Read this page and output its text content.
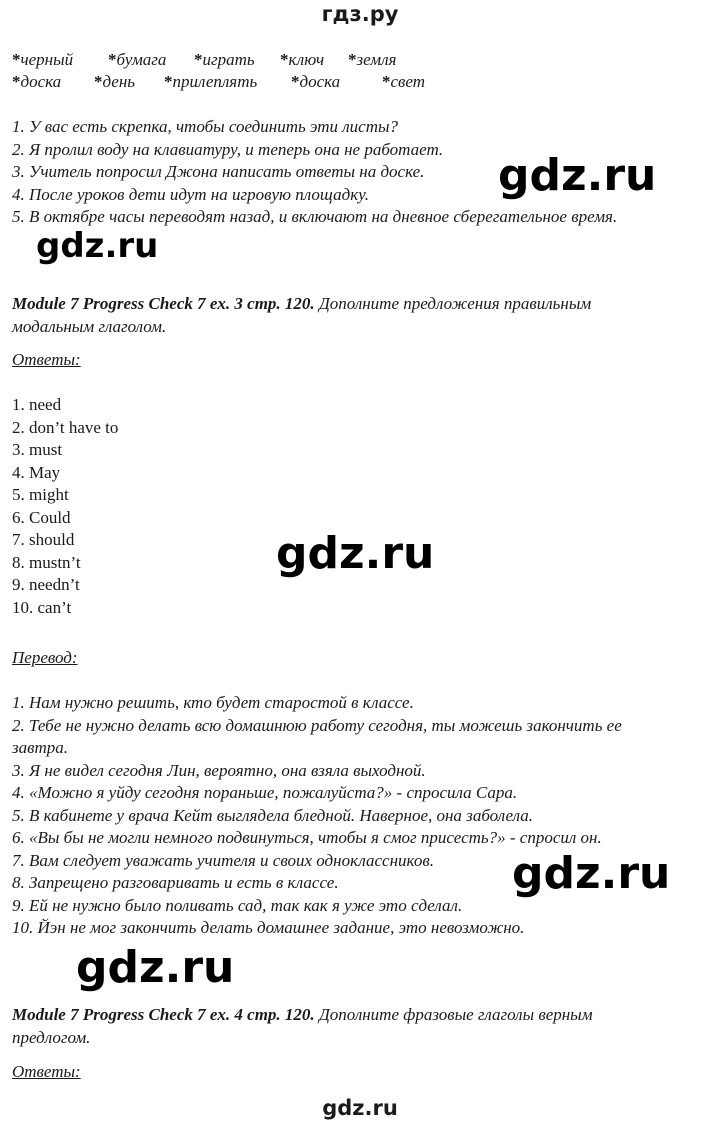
гдз.ру
*черный *бумага *играть *ключ *земля
*доска *день *прилеплять *доска *свет
1. У вас есть скрепка, чтобы соединить эти листы?
2. Я пролил воду на клавиатуру, и теперь она не работает.
3. Учитель попросил Джона написать ответы на доске.
4. После уроков дети идут на игровую площадку.
5. В октябре часы переводят назад, и включают на дневное сберегательное время.
Module 7 Progress Check 7 ex. 3 стр. 120. Дополните предложения правильным
модальным глаголом.
Ответы:
1. need
2. don’t have to
3. must
4. May
5. might
6. Could
7. should
8. mustn’t
9. needn’t
10. can’t
Перевод:
1. Нам нужно решить, кто будет старостой в классе.
2. Тебе не нужно делать всю домашнюю работу сегодня, ты можешь закончить ее
завтра.
3. Я не видел сегодня Лин, вероятно, она взяла выходной.
4. «Можно я уйду сегодня пораньше, пожалуйста?» - спросила Сара.
5. В кабинете у врача Кейт выглядела бледной. Наверное, она заболела.
6. «Вы бы не могли немного подвинуться, чтобы я смог присесть?» - спросил он.
7. Вам следует уважать учителя и своих одноклассников.
8. Запрещено разговаривать и есть в классе.
9. Ей не нужно было поливать сад, так как я уже это сделал.
10. Йэн не мог закончить делать домашнее задание, это невозможно.
Module 7 Progress Check 7 ex. 4 стр. 120. Дополните фразовые глаголы верным
предлогом.
Ответы:
gdz.ru
gdz.ru
gdz.ru
gdz.ru
gdz.ru
gdz.ru
